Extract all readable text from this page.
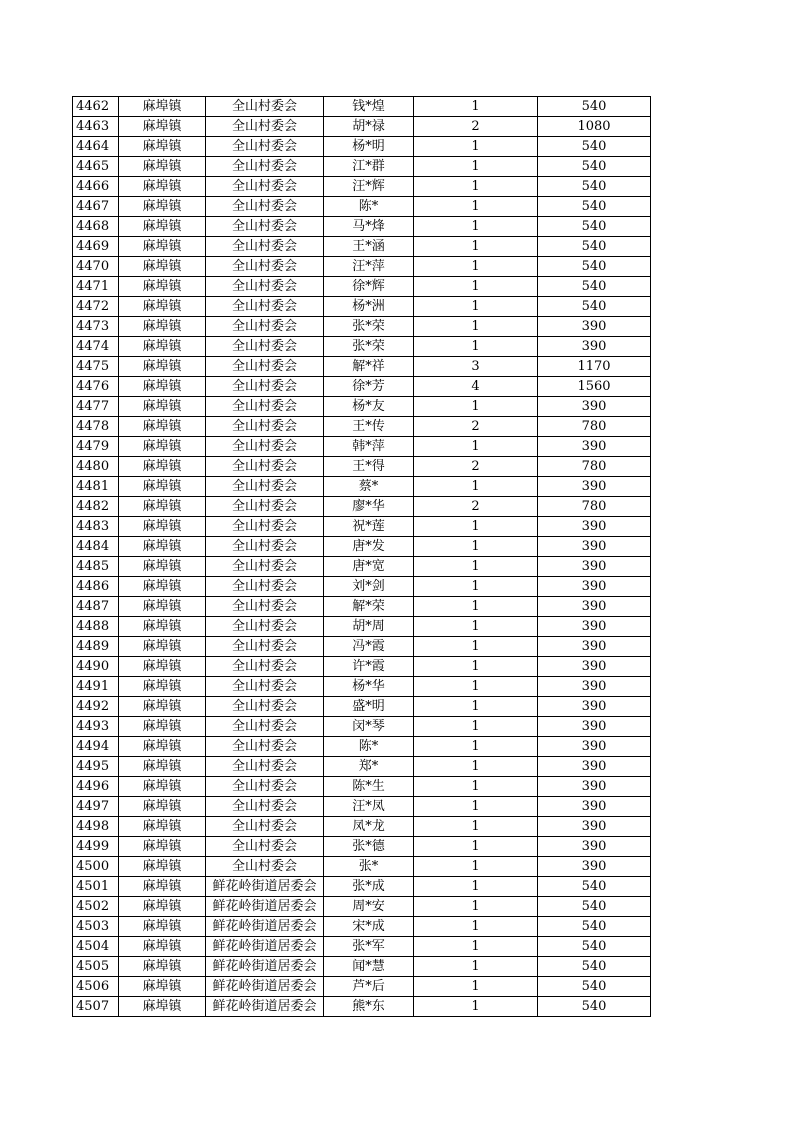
4462	麻埠镇	全山村委会	钱*煌	1	540
4463	麻埠镇	全山村委会	胡*禄	2	1080
4464	麻埠镇	全山村委会	杨*明	1	540
4465	麻埠镇	全山村委会	江*群	1	540
4466	麻埠镇	全山村委会	汪*辉	1	540
4467	麻埠镇	全山村委会	陈*	1	540
4468	麻埠镇	全山村委会	马*烽	1	540
4469	麻埠镇	全山村委会	王*涵	1	540
4470	麻埠镇	全山村委会	汪*萍	1	540
4471	麻埠镇	全山村委会	徐*辉	1	540
4472	麻埠镇	全山村委会	杨*洲	1	540
4473	麻埠镇	全山村委会	张*荣	1	390
4474	麻埠镇	全山村委会	张*荣	1	390
4475	麻埠镇	全山村委会	解*祥	3	1170
4476	麻埠镇	全山村委会	徐*芳	4	1560
4477	麻埠镇	全山村委会	杨*友	1	390
4478	麻埠镇	全山村委会	王*传	2	780
4479	麻埠镇	全山村委会	韩*萍	1	390
4480	麻埠镇	全山村委会	王*得	2	780
4481	麻埠镇	全山村委会	蔡*	1	390
4482	麻埠镇	全山村委会	廖*华	2	780
4483	麻埠镇	全山村委会	祝*莲	1	390
4484	麻埠镇	全山村委会	唐*发	1	390
4485	麻埠镇	全山村委会	唐*宽	1	390
4486	麻埠镇	全山村委会	刘*剑	1	390
4487	麻埠镇	全山村委会	解*荣	1	390
4488	麻埠镇	全山村委会	胡*周	1	390
4489	麻埠镇	全山村委会	冯*霞	1	390
4490	麻埠镇	全山村委会	许*霞	1	390
4491	麻埠镇	全山村委会	杨*华	1	390
4492	麻埠镇	全山村委会	盛*明	1	390
4493	麻埠镇	全山村委会	闵*琴	1	390
4494	麻埠镇	全山村委会	陈*	1	390
4495	麻埠镇	全山村委会	郑*	1	390
4496	麻埠镇	全山村委会	陈*生	1	390
4497	麻埠镇	全山村委会	汪*凤	1	390
4498	麻埠镇	全山村委会	凤*龙	1	390
4499	麻埠镇	全山村委会	张*德	1	390
4500	麻埠镇	全山村委会	张*	1	390
4501	麻埠镇	鲜花岭街道居委会	张*成	1	540
4502	麻埠镇	鲜花岭街道居委会	周*安	1	540
4503	麻埠镇	鲜花岭街道居委会	宋*成	1	540
4504	麻埠镇	鲜花岭街道居委会	张*军	1	540
4505	麻埠镇	鲜花岭街道居委会	闻*慧	1	540
4506	麻埠镇	鲜花岭街道居委会	芦*后	1	540
4507	麻埠镇	鲜花岭街道居委会	熊*东	1	540
